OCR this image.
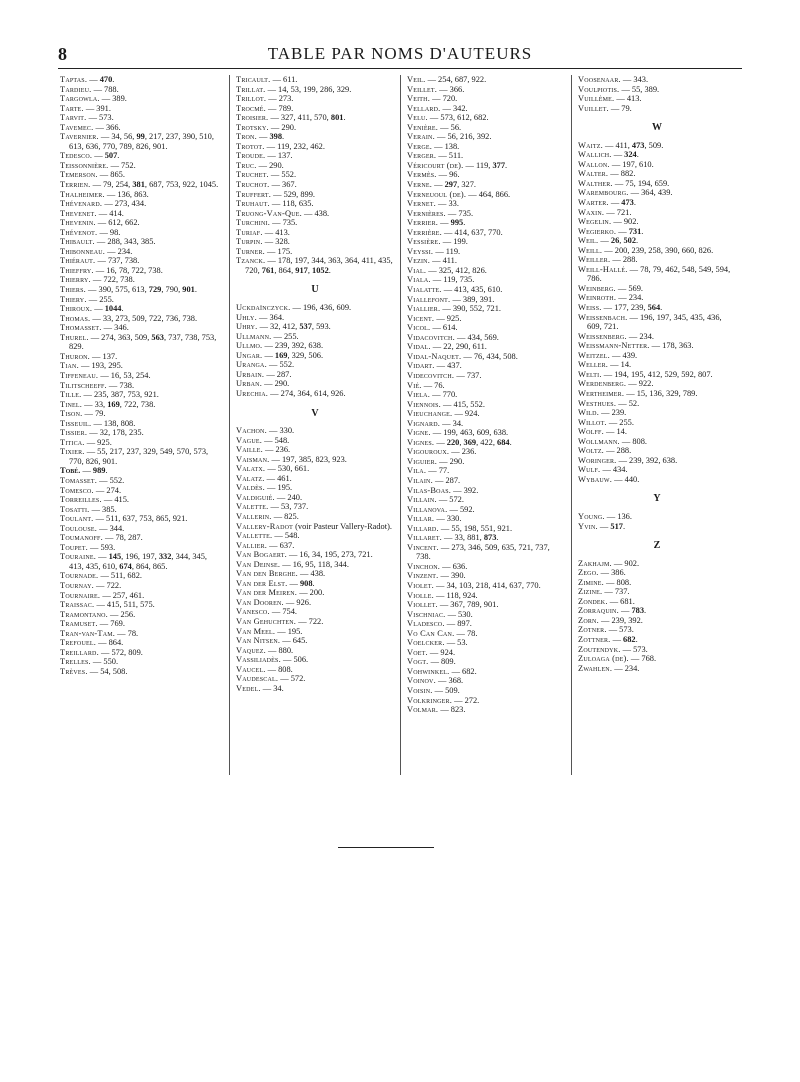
8	TABLE PAR NOMS D'AUTEURS

Taptas. — 470.

Tardieu. — 788.

Targowla. — 389.

Tarte. — 391.

Tarvit. — 573.

Tavemec. — 366.

Tavernier. — 34, 56, 99, 217, 237, 390, 510, 613, 636, 770, 789, 826, 901.

Tedesco. — 507.

Teissonnière. — 752.

Temerson. — 865.

Terrien. — 79, 254, 381, 687, 753, 922, 1045.

Thalheimer. — 136, 863.

Thévenard. — 273, 434.

Thevenet. — 414.

Thevenin. — 612, 662.

Thévenot. — 98.

Thibault. — 288, 343, 385.

Thibonneau. — 234.

Thiéraut. — 737, 738.

Thieffry. — 16, 78, 722, 738.

Thierry. — 722, 738.

Thiers. — 390, 575, 613, 729, 790, 901.

Thiery. — 255.

Thiroux. — 1044.

Thomas. — 33, 273, 509, 722, 736, 738.

Thomasset. — 346.

Thurel. — 274, 363, 509, 563, 737, 738, 753, 829.

Thuron. — 137.

Tian. — 193, 295.

Tiffeneau. — 16, 53, 254.

Tilitscheeff. — 738.

Tille. — 235, 387, 753, 921.

Tinel. — 33, 169, 722, 738.

Tison. — 79.

Tisseuil. — 138, 808.

Tissier. — 32, 178, 235.

Titica. — 925.

Tixier. — 55, 217, 237, 329, 549, 570, 573, 770, 826, 901.

Tobé. — 989.

Tomasset. — 552.

Tomesco. — 274.

Torreilles. — 415.

Tosatti. — 385.

Toulant. — 511, 637, 753, 865, 921.

Toulouse. — 344.

Toumanoff. — 78, 287.

Toupet. — 593.

Touraine. — 145, 196, 197, 332, 344, 345, 413, 435, 610, 674, 864, 865.

Tournade. — 511, 682.

Tournay. — 722.

Tournaire. — 257, 461.

Traissac. — 415, 511, 575.

Tramontano. — 256.

Tramuset. — 769.

Tran-van-Tam. — 78.

Trefouel. — 864.

Treillard. — 572, 809.

Trelles. — 550.

Trèves. — 54, 508.

Tricault. — 611.

Trillat. — 14, 53, 199, 286, 329.

Trillot. — 273.

Trocmé. — 789.

Troisier. — 327, 411, 570, 801.

Trotsky. — 290.

Tron. — 398.

Trotot. — 119, 232, 462.

Troude. — 137.

Truc. — 290.

Truchet. — 552.

Truchot. — 367.

Truffert. — 529, 899.

Truhaut. — 118, 635.

Truong-Van-Que. — 438.

Turchini. — 735.

Turiaf. — 413.

Turpin. — 328.

Turner. — 175.

Tzanck. — 178, 197, 344, 363, 364, 411, 435, 720, 761, 864, 917, 1052.

U

Uckdaïnczyck. — 196, 436, 609.

Uhly. — 364.

Uhry. — 32, 412, 537, 593.

Ullmann. — 255.

Ullmo. — 239, 392, 638.

Ungar. — 169, 329, 506.

Uranga. — 552.

Urbain. — 287.

Urban. — 290.

Urechia. — 274, 364, 614, 926.

V

Vachon. — 330.

Vague. — 548.

Vaille. — 236.

Vaisman. — 197, 385, 823, 923.

Valatx. — 530, 661.

Valatz. — 461.

Valdès. — 195.

Valdiguié. — 240.

Valette. — 53, 737.

Vallerin. — 825.

Vallery-Radot (voir Pasteur Vallery-Radot).

Vallette. — 548.

Vallier. — 637.

Van Bogaert. — 16, 34, 195, 273, 721.

Van Deinse. — 16, 95, 118, 344.

Van den Berghe. — 438.

Van der Elst. — 908.

Van der Meiren. — 200.

Van Dooren. — 926.

Vanesco. — 754.

Van Gehuchten. — 722.

Van Meel. — 195.

Van Nitsen. — 645.

Vaquez. — 880.

Vassiliadès. — 506.

Vaucel. — 808.

Vaudescal. — 572.

Vedel. — 34.

Veil. — 254, 687, 922.

Veillet. — 366.

Veith. — 720.

Vellard. — 342.

Velu. — 573, 612, 682.

Venière. — 56.

Verain. — 56, 216, 392.

Verge. — 138.

Verger. — 511.

Véricourt (de). — 119, 377.

Vermès. — 96.

Verne. — 297, 327.

Verneuoul (de). — 464, 866.

Vernet. — 33.

Vernières. — 735.

Verrier. — 995.

Verrière. — 414, 637, 770.

Vessière. — 199.

Veyssi. — 119.

Vezin. — 411.

Vial. — 325, 412, 826.

Viala. — 119, 735.

Vialatte. — 413, 435, 610.

Viallefont. — 389, 391.

Viallier. — 390, 552, 721.

Vicent. — 925.

Vicol. — 614.

Vidacovitch. — 434, 569.

Vidal. — 22, 290, 611.

Vidal-Naquet. — 76, 434, 508.

Vidart. — 437.

Videcovitch. — 737.

Vié. — 76.

Viela. — 770.

Viennois. — 415, 552.

Vieuchange. — 924.

Vignard. — 34.

Vigne. — 199, 463, 609, 638.

Vignes. — 220, 369, 422, 684.

Vigouroux. — 236.

Viguier. — 290.

Vila. — 77.

Vilain. — 287.

Vilas-Boas. — 392.

Villain. — 572.

Villanova. — 592.

Villar. — 330.

Villard. — 55, 198, 551, 921.

Villaret. — 33, 881, 873.

Vincent. — 273, 346, 509, 635, 721, 737, 738.

Vinchon. — 636.

Vinzent. — 390.

Violet. — 34, 103, 218, 414, 637, 770.

Violle. — 118, 924.

Viollet. — 367, 789, 901.

Vischniac. — 530.

Vladesco. — 897.

Vo Can Can. — 78.

Voelcker. — 53.

Voet. — 924.

Vogt. — 809.

Vohwinkel. — 682.

Voinov. — 368.

Voisin. — 509.

Volkringer. — 272.

Volmar. — 823.

Voosenaar. — 343.

Voulpiotis. — 55, 389.

Vuillème. — 413.

Vuillet. — 79.

W

Waitz. — 411, 473, 509.

Wallich. — 324.

Wallon. — 197, 610.

Walter. — 882.

Walther. — 75, 194, 659.

Warembourg. — 364, 439.

Warter. — 473.

Waxin. — 721.

Wegelin. — 902.

Wegierko. — 731.

Weil. — 26, 502.

Weill. — 200, 239, 258, 390, 660, 826.

Weiller. — 288.

Weill-Hallé. — 78, 79, 462, 548, 549, 594, 786.

Weinberg. — 569.

Weinroth. — 234.

Weiss. — 177, 239, 564.

Weissenbach. — 196, 197, 345, 435, 436, 609, 721.

Weissenberg. — 234.

Weissmann-Netter. — 178, 363.

Weitzel. — 439.

Weller. — 14.

Welti. — 194, 195, 412, 529, 592, 807.

Werdenberg. — 922.

Wertheimer. — 15, 136, 329, 789.

Westhues. — 52.

Wild. — 239.

Willot. — 255.

Wolff. — 14.

Wollmann. — 808.

Woltz. — 288.

Woringer. — 239, 392, 638.

Wulf. — 434.

Wybauw. — 440.

Y

Young. — 136.

Yvin. — 517.

Z

Zakhajm. — 902.

Zego. — 386.

Zimine. — 808.

Zizine. — 737.

Zondek. — 681.

Zorraquin. — 783.

Zorn. — 239, 392.

Zotner. — 573.

Zottner. — 682.

Zoutendyk. — 573.

Zuloaga (de). — 768.

Zwahlen. — 234.
